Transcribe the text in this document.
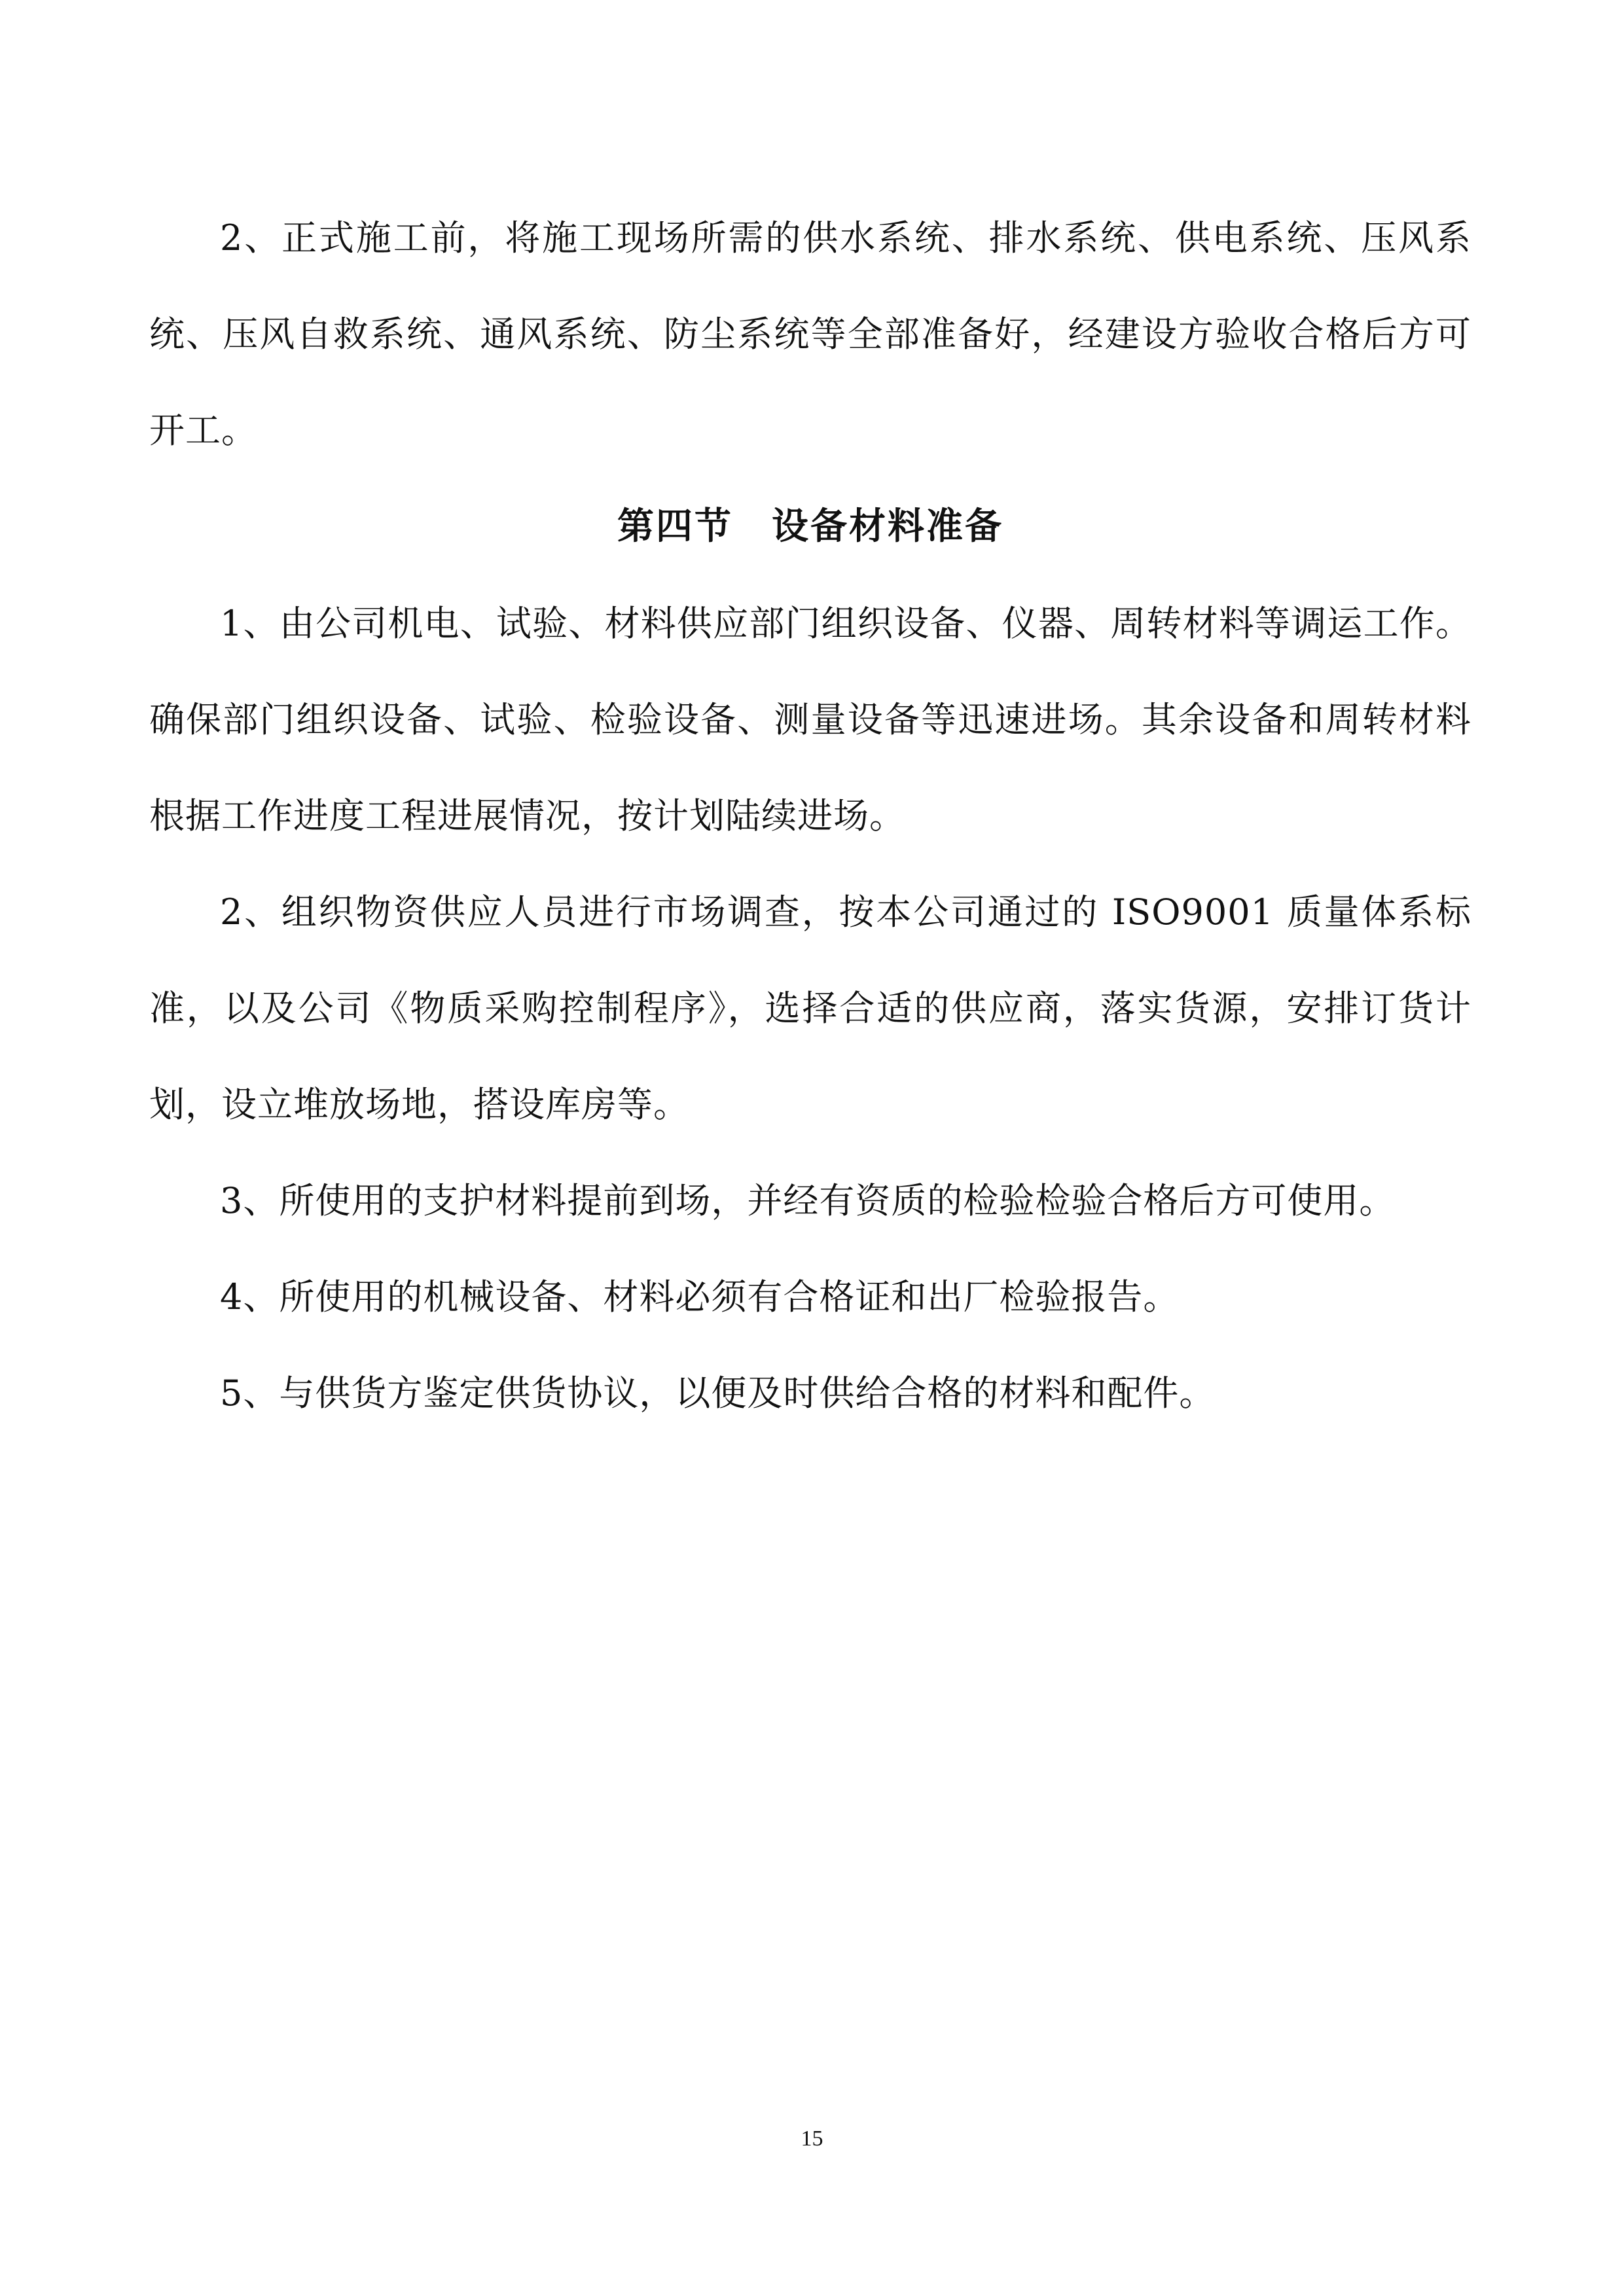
2、正式施工前，将施工现场所需的供水系统、排水系统、供电系统、压风系统、压风自救系统、通风系统、防尘系统等全部准备好，经建设方验收合格后方可开工。

第四节　设备材料准备

1、由公司机电、试验、材料供应部门组织设备、仪器、周转材料等调运工作。确保部门组织设备、试验、检验设备、测量设备等迅速进场。其余设备和周转材料根据工作进度工程进展情况，按计划陆续进场。

2、组织物资供应人员进行市场调查，按本公司通过的 ISO9001 质量体系标准，以及公司《物质采购控制程序》，选择合适的供应商，落实货源，安排订货计划，设立堆放场地，搭设库房等。

3、所使用的支护材料提前到场，并经有资质的检验检验合格后方可使用。

4、所使用的机械设备、材料必须有合格证和出厂检验报告。

5、与供货方鉴定供货协议，以便及时供给合格的材料和配件。

15
